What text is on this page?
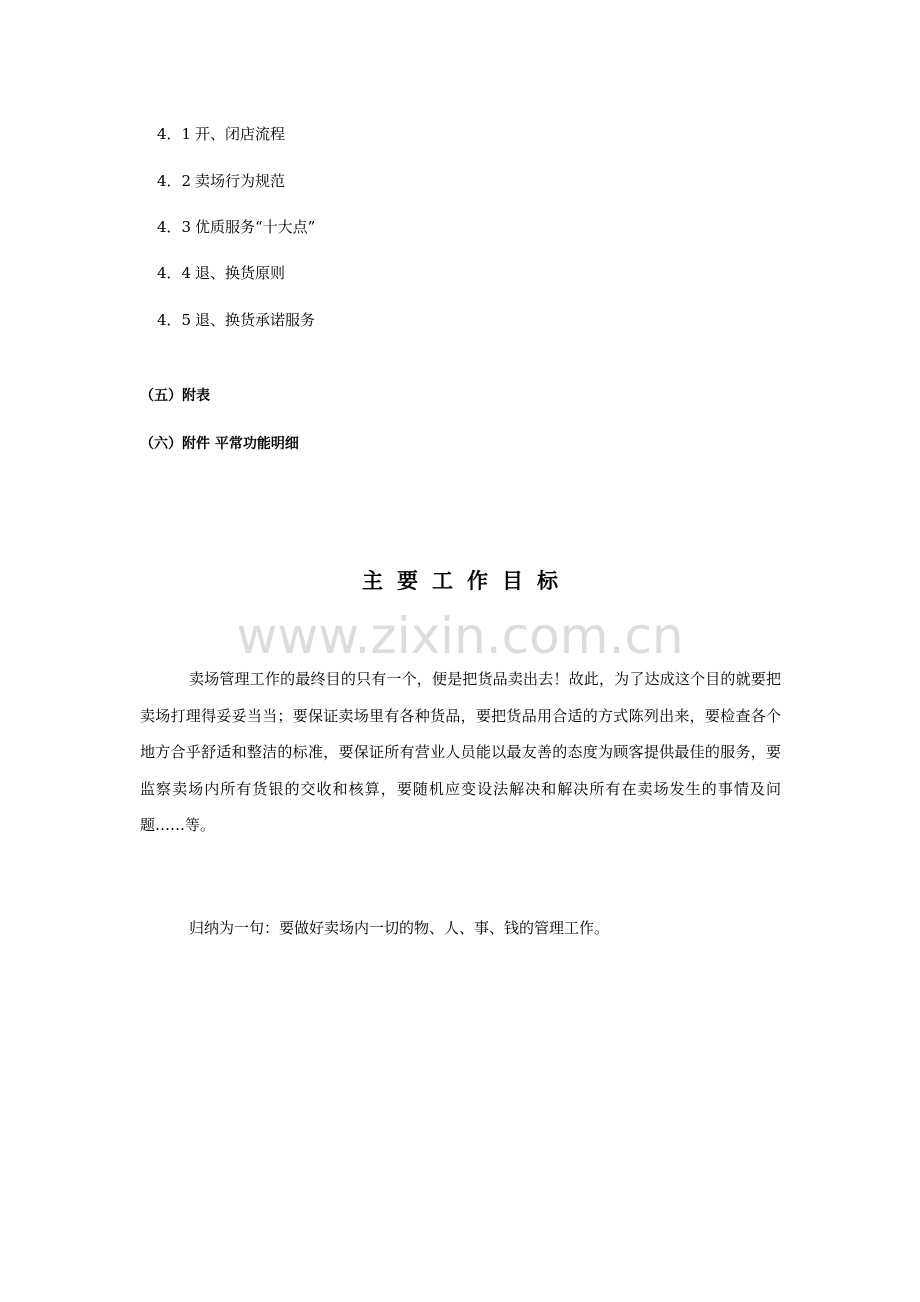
4．1 开、闭店流程
4．2 卖场行为规范
4．3 优质服务“十大点”
4．4 退、换货原则
4．5 退、换货承诺服务
（五）附表
（六）附件 平常功能明细
主要工作目标
www.zixin.com.cn

卖场管理工作的最终目的只有一个，便是把货品卖出去！故此，为了达成这个目的就要把卖场打理得妥妥当当；要保证卖场里有各种货品，要把货品用合适的方式陈列出来，要检查各个地方合乎舒适和整洁的标准，要保证所有营业人员能以最友善的态度为顾客提供最佳的服务，要监察卖场内所有货银的交收和核算，要随机应变设法解决和解决所有在卖场发生的事情及问题……等。

归纳为一句：要做好卖场内一切的物、人、事、钱的管理工作。
